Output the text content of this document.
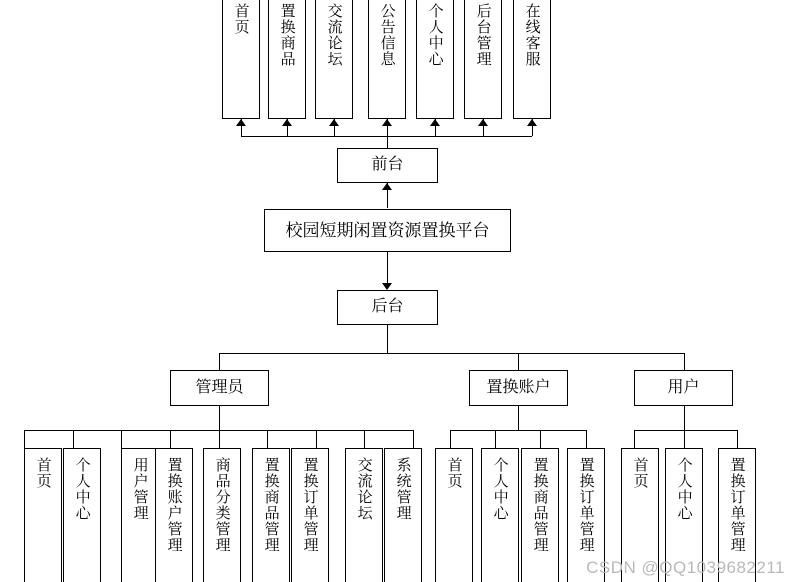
首页	置换商品	交流论坛	公告信息	个人中心	后台管理	在线客服
前台
校园短期闲置资源置换平台
后台
管理员	置换账户	用户
首页	个人中心	用户管理	置换账户管理	商品分类管理	置换商品管理	置换订单管理	交流论坛	系统管理	首页	个人中心	置换商品管理	置换订单管理	首页	个人中心	置换订单管理
CSDN @QQ1039682211
